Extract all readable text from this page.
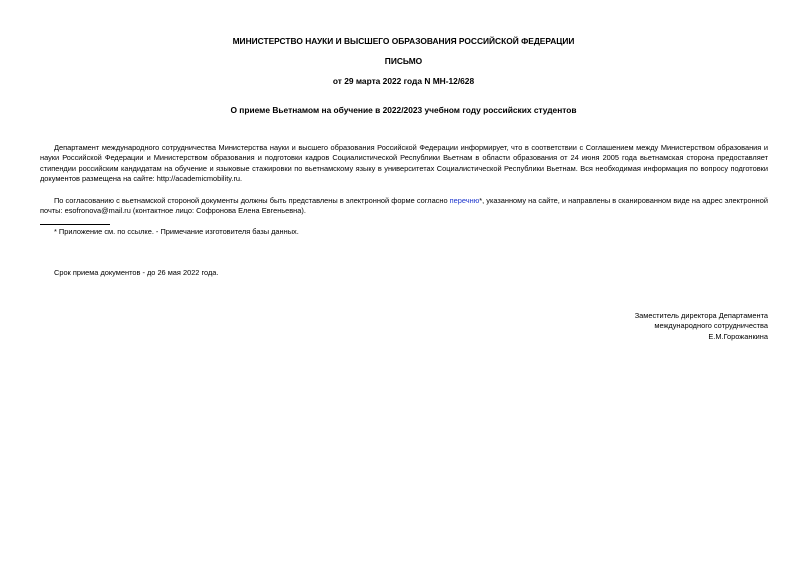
МИНИСТЕРСТВО НАУКИ И ВЫСШЕГО ОБРАЗОВАНИЯ РОССИЙСКОЙ ФЕДЕРАЦИИ
ПИСЬМО
от 29 марта 2022 года N МН-12/628
О приеме Вьетнамом на обучение в 2022/2023 учебном году российских студентов
Департамент международного сотрудничества Министерства науки и высшего образования Российской Федерации информирует, что в соответствии с Соглашением между Министерством образования и науки Российской Федерации и Министерством образования и подготовки кадров Социалистической Республики Вьетнам в области образования от 24 июня 2005 года вьетнамская сторона предоставляет стипендии российским кандидатам на обучение и языковые стажировки по вьетнамскому языку в университетах Социалистической Республики Вьетнам. Вся необходимая информация по вопросу подготовки документов размещена на сайте: http://academicmobility.ru.
По согласованию с вьетнамской стороной документы должны быть представлены в электронной форме согласно перечню*, указанному на сайте, и направлены в сканированном виде на адрес электронной почты: esofronova@mail.ru (контактное лицо: Софронова Елена Евгеньевна).
* Приложение см. по ссылке. - Примечание изготовителя базы данных.
Срок приема документов - до 26 мая 2022 года.
Заместитель директора Департамента
международного сотрудничества
Е.М.Горожанкина
